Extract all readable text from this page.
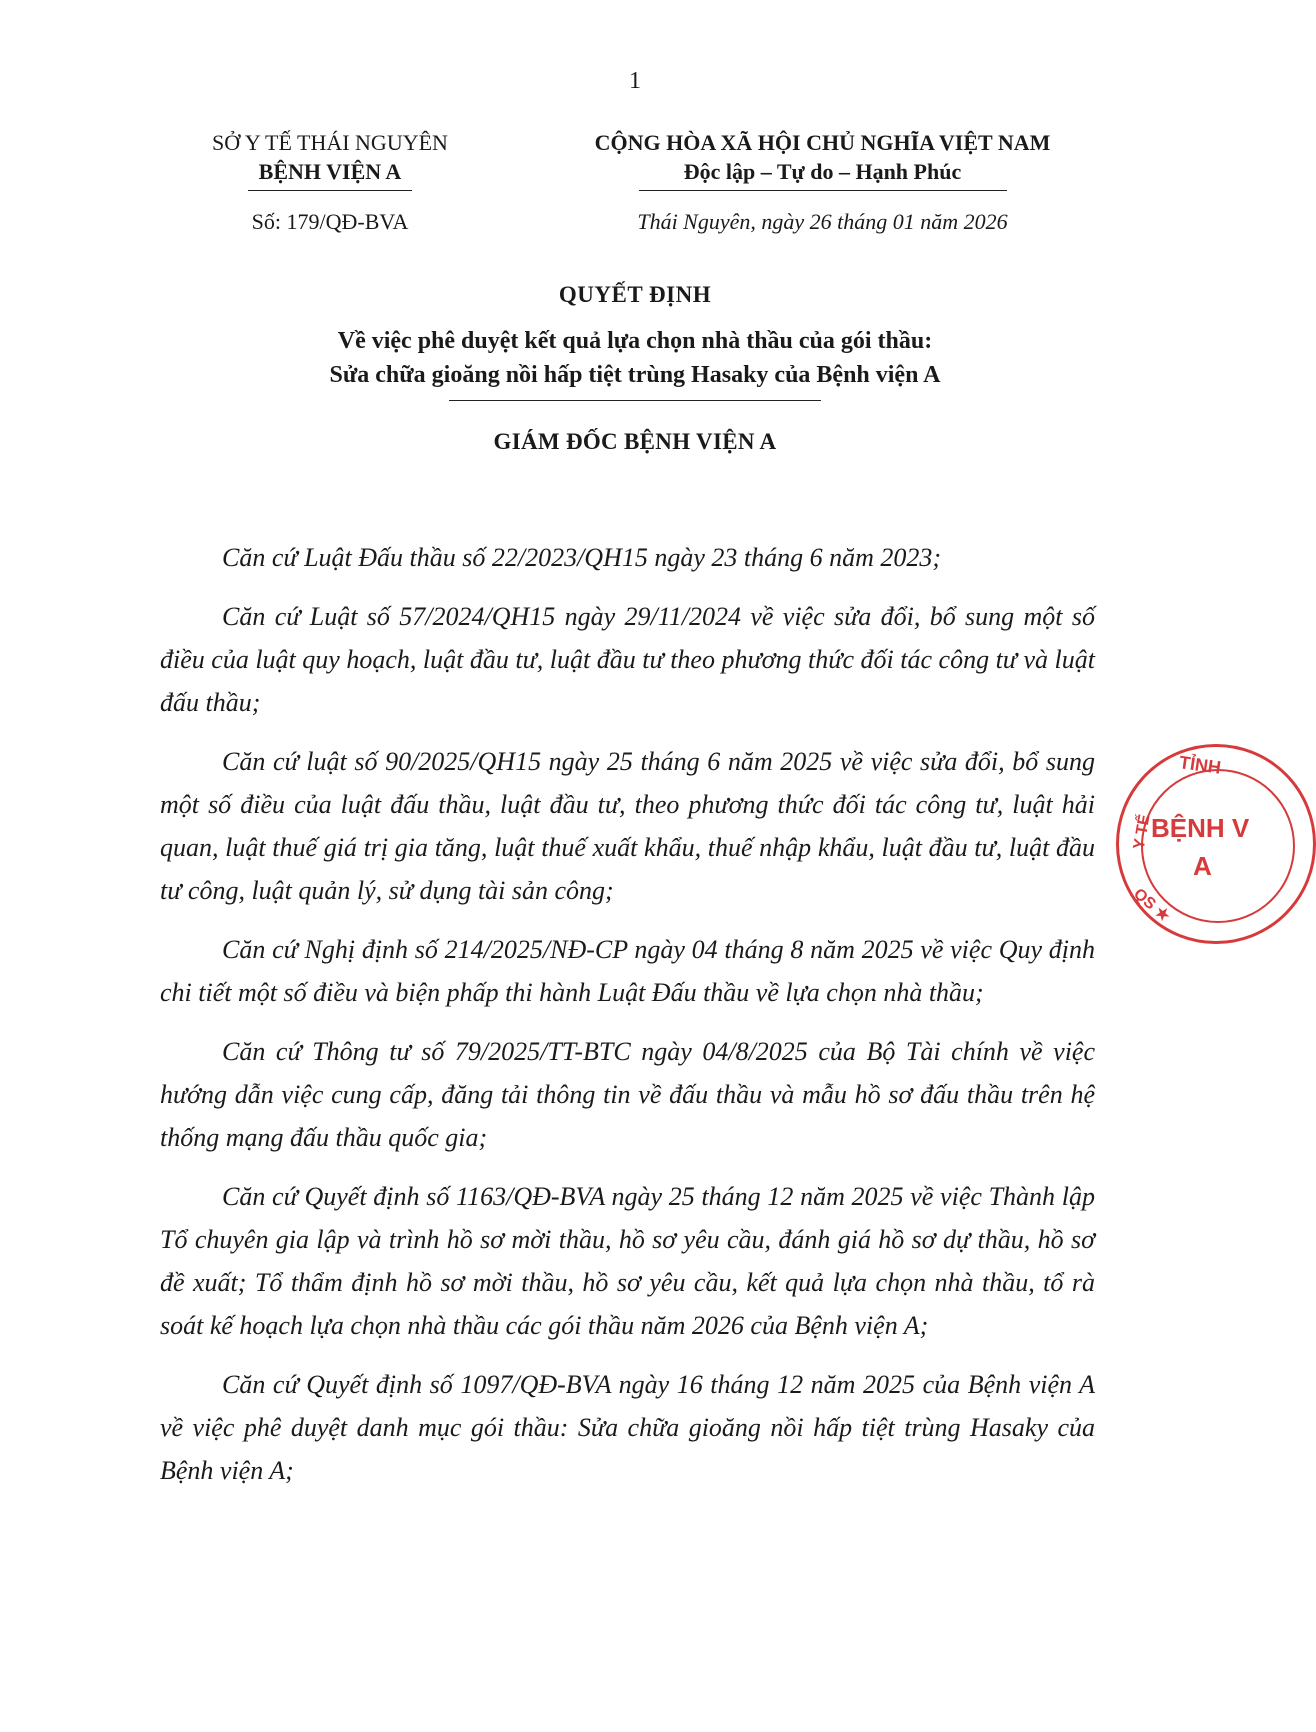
1
SỞ Y TẾ THÁI NGUYÊN
BỆNH VIỆN A
Số: 179/QĐ-BVA
CỘNG HÒA XÃ HỘI CHỦ NGHĨA VIỆT NAM
Độc lập – Tự do – Hạnh Phúc
Thái Nguyên, ngày 26 tháng 01 năm 2026
QUYẾT ĐỊNH
Về việc phê duyệt kết quả lựa chọn nhà thầu của gói thầu:
Sửa chữa gioăng nồi hấp tiệt trùng Hasaky của Bệnh viện A
GIÁM ĐỐC BỆNH VIỆN A

Căn cứ Luật Đấu thầu số 22/2023/QH15 ngày 23 tháng 6 năm 2023;

Căn cứ Luật số 57/2024/QH15 ngày 29/11/2024 về việc sửa đổi, bổ sung một số điều của luật quy hoạch, luật đầu tư, luật đầu tư theo phương thức đối tác công tư và luật đấu thầu;

Căn cứ luật số 90/2025/QH15 ngày 25 tháng 6 năm 2025 về việc sửa đổi, bổ sung một số điều của luật đấu thầu, luật đầu tư, theo phương thức đối tác công tư, luật hải quan, luật thuế giá trị gia tăng, luật thuế xuất khẩu, thuế nhập khẩu, luật đầu tư, luật đầu tư công, luật quản lý, sử dụng tài sản công;

Căn cứ Nghị định số 214/2025/NĐ-CP ngày 04 tháng 8 năm 2025 về việc Quy định chi tiết một số điều và biện phấp thi hành Luật Đấu thầu về lựa chọn nhà thầu;

Căn cứ Thông tư số 79/2025/TT-BTC ngày 04/8/2025 của Bộ Tài chính về việc hướng dẫn việc cung cấp, đăng tải thông tin về đấu thầu và mẫu hồ sơ đấu thầu trên hệ thống mạng đấu thầu quốc gia;

Căn cứ Quyết định số 1163/QĐ-BVA ngày 25 tháng 12 năm 2025 về việc Thành lập Tổ chuyên gia lập và trình hồ sơ mời thầu, hồ sơ yêu cầu, đánh giá hồ sơ dự thầu, hồ sơ đề xuất; Tổ thẩm định hồ sơ mời thầu, hồ sơ yêu cầu, kết quả lựa chọn nhà thầu, tổ rà soát kế hoạch lựa chọn nhà thầu các gói thầu năm 2026 của Bệnh viện A;

Căn cứ Quyết định số 1097/QĐ-BVA ngày 16 tháng 12 năm 2025 của Bệnh viện A về việc phê duyệt danh mục gói thầu: Sửa chữa gioăng nồi hấp tiệt trùng Hasaky của Bệnh viện A;

TỈNH
Y TẾ
BỆNH V
A
QS ★
